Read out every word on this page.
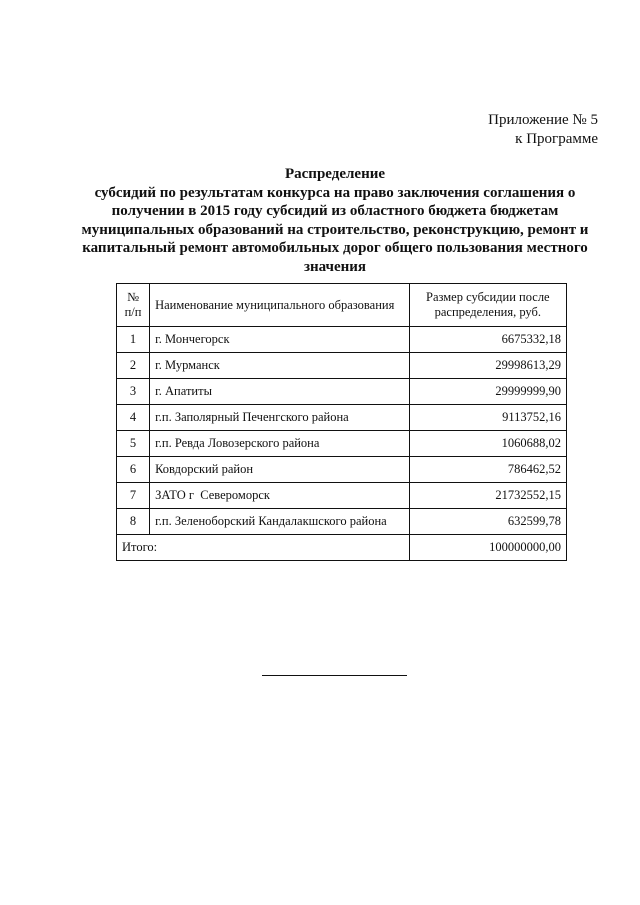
Приложение № 5
к Программе
Распределение
субсидий по результатам конкурса на право заключения соглашения о
получении в 2015 году субсидий из областного бюджета бюджетам
муниципальных образований на строительство, реконструкцию, ремонт и
капитальный ремонт автомобильных дорог общего пользования местного
значения
№ п/п	Наименование муниципального образования	Размер субсидии после распределения, руб.
1	г. Мончегорск	6675332,18
2	г. Мурманск	29998613,29
3	г. Апатиты	29999999,90
4	г.п. Заполярный Печенгского района	9113752,16
5	г.п. Ревда Ловозерского района	1060688,02
6	Ковдорский район	786462,52
7	ЗАТО г  Североморск	21732552,15
8	г.п. Зеленоборский Кандалакшского района	632599,78
Итого:		100000000,00
